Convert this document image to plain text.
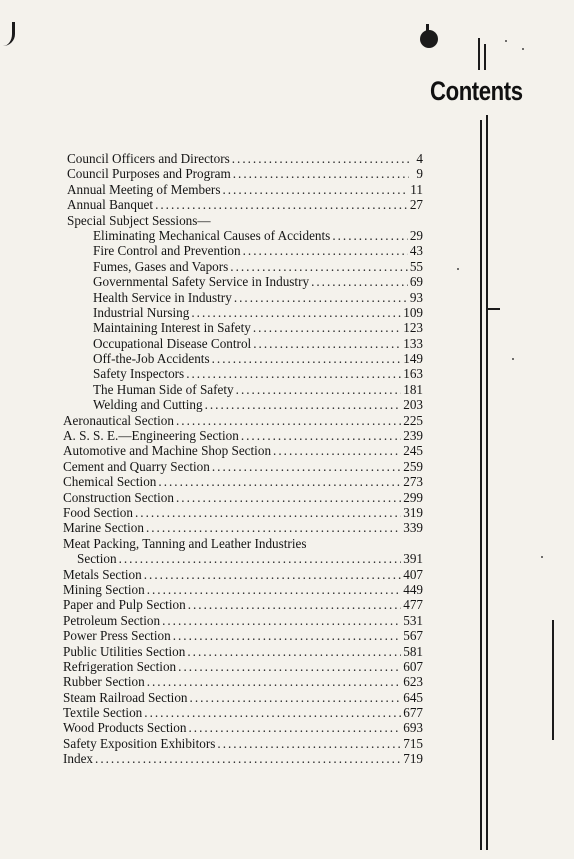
Contents
Council Officers and Directors .....	4
Council Purposes and Program .....	9
Annual Meeting of Members .....	11
Annual Banquet .....	27
Special Subject Sessions—
Eliminating Mechanical Causes of Accidents .....	29
Fire Control and Prevention .....	43
Fumes, Gases and Vapors .....	55
Governmental Safety Service in Industry .....	69
Health Service in Industry .....	93
Industrial Nursing .....	109
Maintaining Interest in Safety .....	123
Occupational Disease Control .....	133
Off-the-Job Accidents .....	149
Safety Inspectors .....	163
The Human Side of Safety .....	181
Welding and Cutting .....	203
Aeronautical Section .....	225
A. S. S. E.—Engineering Section .....	239
Automotive and Machine Shop Section .....	245
Cement and Quarry Section .....	259
Chemical Section .....	273
Construction Section .....	299
Food Section .....	319
Marine Section .....	339
Meat Packing, Tanning and Leather Industries
Section .....	391
Metals Section .....	407
Mining Section .....	449
Paper and Pulp Section .....	477
Petroleum Section .....	531
Power Press Section .....	567
Public Utilities Section .....	581
Refrigeration Section .....	607
Rubber Section .....	623
Steam Railroad Section .....	645
Textile Section .....	677
Wood Products Section .....	693
Safety Exposition Exhibitors .....	715
Index .....	719
